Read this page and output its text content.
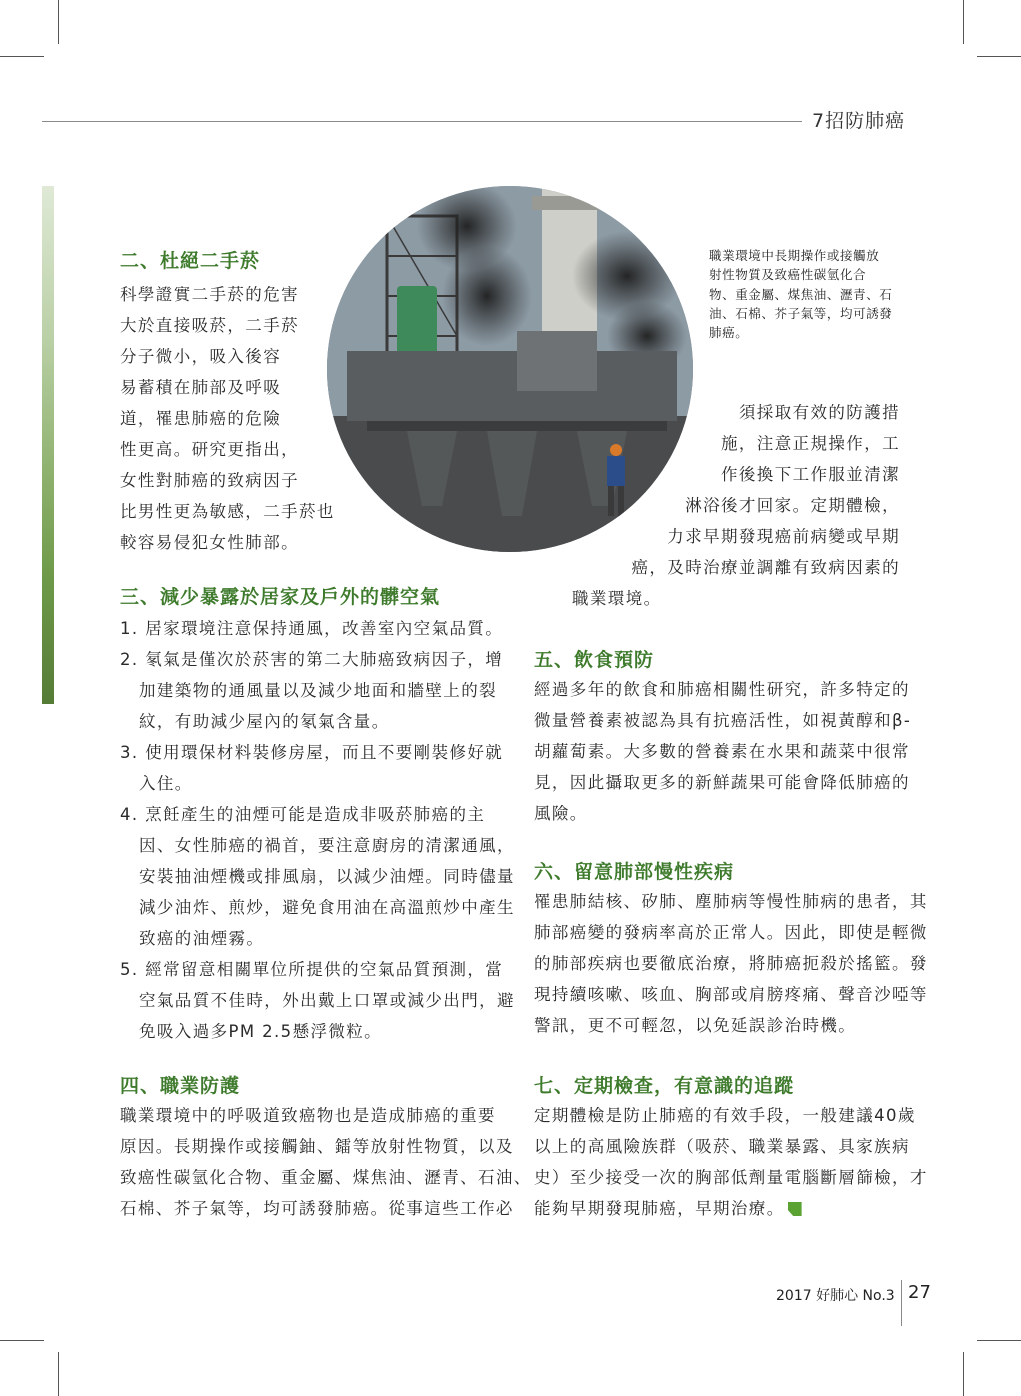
7招防肺癌
職業環境中長期操作或接觸放
射性物質及致癌性碳氫化合
物、重金屬、煤焦油、瀝青、石
油、石棉、芥子氣等，均可誘發
肺癌。
二、杜絕二手菸
科學證實二手菸的危害
大於直接吸菸，二手菸
分子微小，吸入後容
易蓄積在肺部及呼吸
道，罹患肺癌的危險
性更高。研究更指出，
女性對肺癌的致病因子
比男性更為敏感，二手菸也
較容易侵犯女性肺部。
須採取有效的防護措
施，注意正規操作，工
作後換下工作服並清潔
淋浴後才回家。定期體檢，
力求早期發現癌前病變或早期
癌，及時治療並調離有致病因素的
職業環境。
三、減少暴露於居家及戶外的髒空氣
1. 居家環境注意保持通風，改善室內空氣品質。
2. 氡氣是僅次於菸害的第二大肺癌致病因子，增
加建築物的通風量以及減少地面和牆壁上的裂
紋，有助減少屋內的氡氣含量。
3. 使用環保材料裝修房屋，而且不要剛裝修好就
入住。
4. 烹飪產生的油煙可能是造成非吸菸肺癌的主
因、女性肺癌的禍首，要注意廚房的清潔通風，
安裝抽油煙機或排風扇，以減少油煙。同時儘量
減少油炸、煎炒，避免食用油在高溫煎炒中產生
致癌的油煙霧。
5. 經常留意相關單位所提供的空氣品質預測，當
空氣品質不佳時，外出戴上口罩或減少出門，避
免吸入過多PM 2.5懸浮微粒。
四、職業防護
職業環境中的呼吸道致癌物也是造成肺癌的重要
原因。長期操作或接觸鈾、鐳等放射性物質，以及
致癌性碳氫化合物、重金屬、煤焦油、瀝青、石油、
石棉、芥子氣等，均可誘發肺癌。從事這些工作必
五、飲食預防
經過多年的飲食和肺癌相關性研究，許多特定的
微量營養素被認為具有抗癌活性，如視黃醇和β-
胡蘿蔔素。大多數的營養素在水果和蔬菜中很常
見，因此攝取更多的新鮮蔬果可能會降低肺癌的
風險。
六、留意肺部慢性疾病
罹患肺結核、矽肺、塵肺病等慢性肺病的患者，其
肺部癌變的發病率高於正常人。因此，即使是輕微
的肺部疾病也要徹底治療，將肺癌扼殺於搖籃。發
現持續咳嗽、咳血、胸部或肩膀疼痛、聲音沙啞等
警訊，更不可輕忽，以免延誤診治時機。
七、定期檢查，有意識的追蹤
定期體檢是防止肺癌的有效手段，一般建議40歲
以上的高風險族群（吸菸、職業暴露、具家族病
史）至少接受一次的胸部低劑量電腦斷層篩檢，才
能夠早期發現肺癌，早期治療。
2017 好肺心 No.3 27
